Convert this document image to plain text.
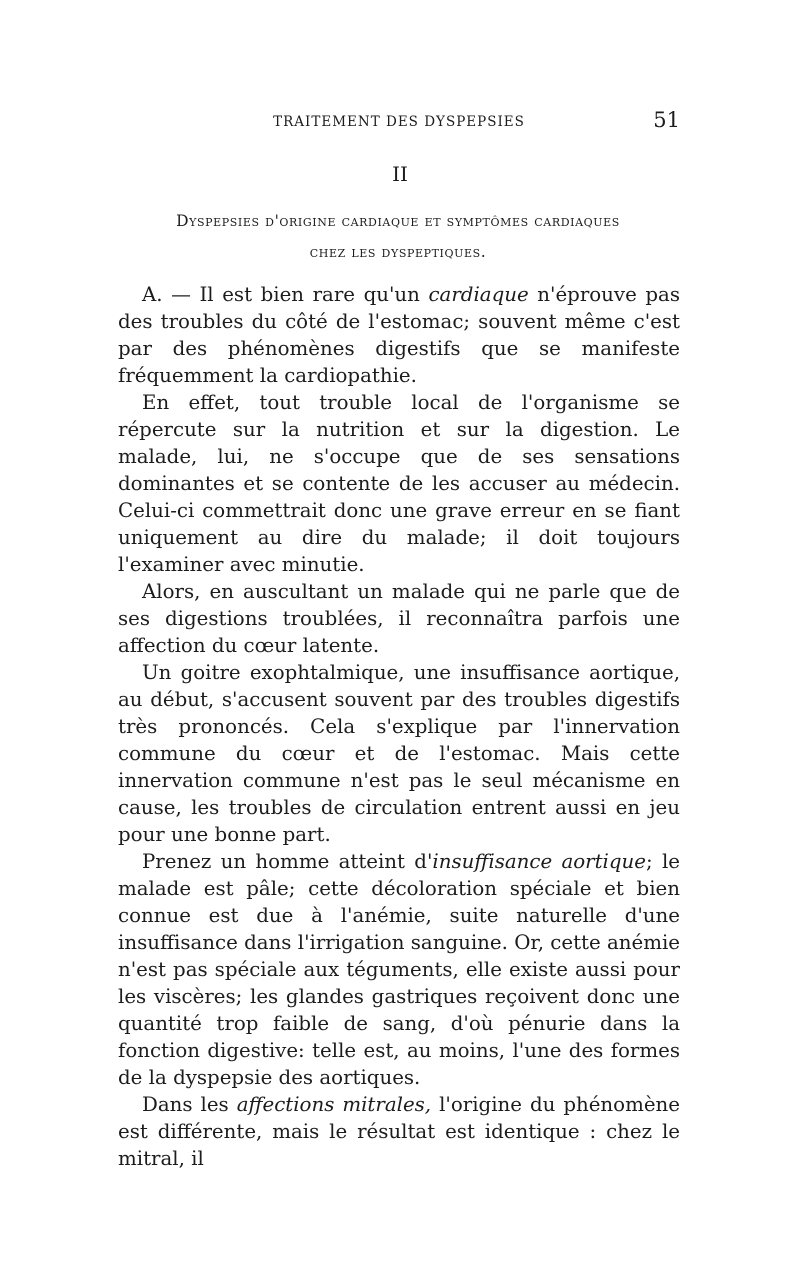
TRAITEMENT DES DYSPEPSIES	51
II
Dyspepsies d'origine cardiaque et symptômes cardiaques
chez les dyspeptiques.

A. — Il est bien rare qu'un cardiaque n'éprouve pas des troubles du côté de l'estomac; souvent même c'est par des phénomènes digestifs que se manifeste fréquemment la cardiopathie.

En effet, tout trouble local de l'organisme se répercute sur la nutrition et sur la digestion. Le malade, lui, ne s'occupe que de ses sensations dominantes et se contente de les accuser au médecin. Celui-ci commettrait donc une grave erreur en se fiant uniquement au dire du malade; il doit toujours l'examiner avec minutie.

Alors, en auscultant un malade qui ne parle que de ses digestions troublées, il reconnaîtra parfois une affection du cœur latente.

Un goitre exophtalmique, une insuffisance aortique, au début, s'accusent souvent par des troubles digestifs très prononcés. Cela s'explique par l'innervation commune du cœur et de l'estomac. Mais cette innervation commune n'est pas le seul mécanisme en cause, les troubles de circulation entrent aussi en jeu pour une bonne part.

Prenez un homme atteint d'insuffisance aortique; le malade est pâle; cette décoloration spéciale et bien connue est due à l'anémie, suite naturelle d'une insuffisance dans l'irrigation sanguine. Or, cette anémie n'est pas spéciale aux téguments, elle existe aussi pour les viscères; les glandes gastriques reçoivent donc une quantité trop faible de sang, d'où pénurie dans la fonction digestive: telle est, au moins, l'une des formes de la dyspepsie des aortiques.

Dans les affections mitrales, l'origine du phénomène est différente, mais le résultat est identique : chez le mitral, il
